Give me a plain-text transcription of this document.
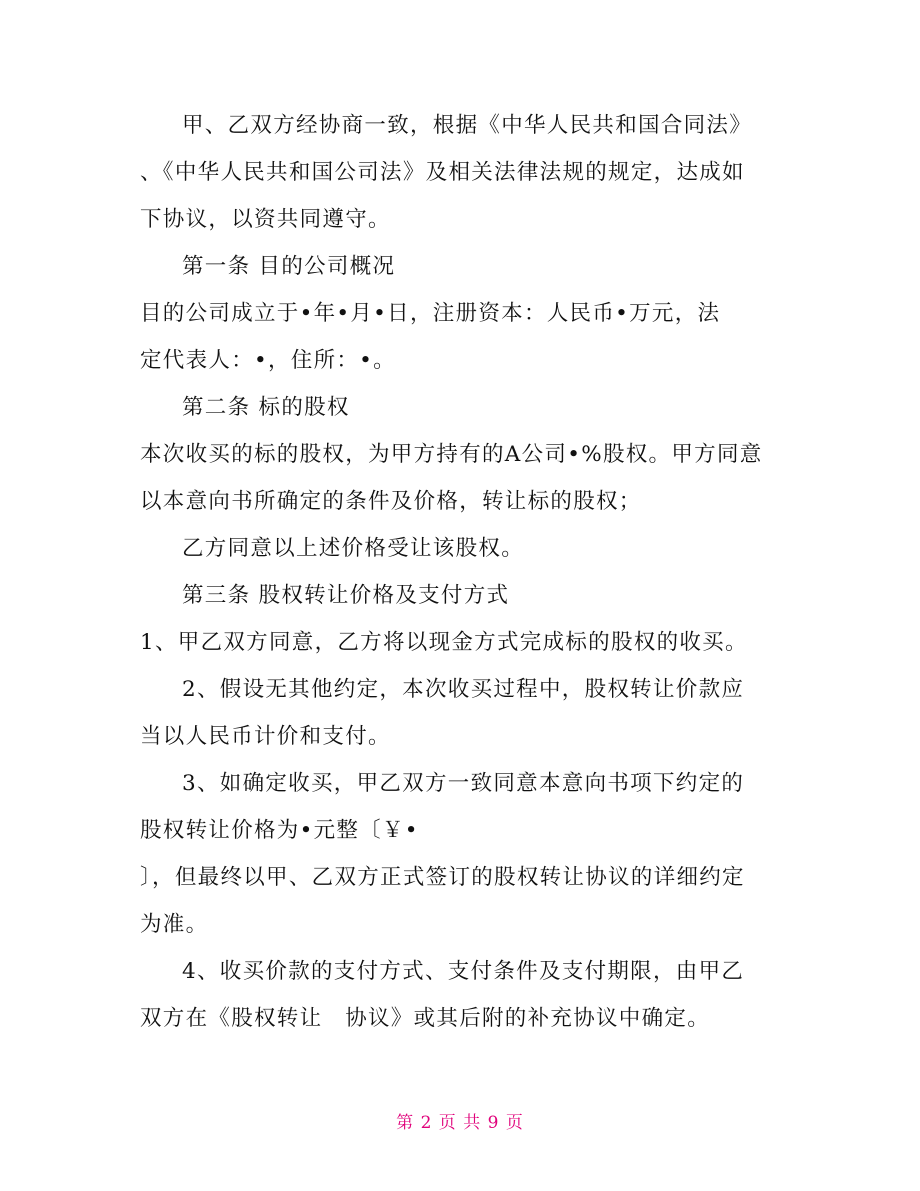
甲、乙双方经协商一致，根据《中华人民共和国合同法》
、《中华人民共和国公司法》及相关法律法规的规定，达成如
下协议，以资共同遵守。
第一条 目的公司概况
目的公司成立于•年•月•日，注册资本：人民币•万元，法
定代表人：•，住所：•。
第二条 标的股权
本次收买的标的股权，为甲方持有的A公司•%股权。甲方同意
以本意向书所确定的条件及价格，转让标的股权；
乙方同意以上述价格受让该股权。
第三条 股权转让价格及支付方式
1、甲乙双方同意，乙方将以现金方式完成标的股权的收买。
2、假设无其他约定，本次收买过程中，股权转让价款应
当以人民币计价和支付。
3、如确定收买，甲乙双方一致同意本意向书项下约定的
股权转让价格为•元整〔￥•
〕，但最终以甲、乙双方正式签订的股权转让协议的详细约定
为准。
4、收买价款的支付方式、支付条件及支付期限，由甲乙
双方在《股权转让　协议》或其后附的补充协议中确定。
第 2 页 共 9 页
